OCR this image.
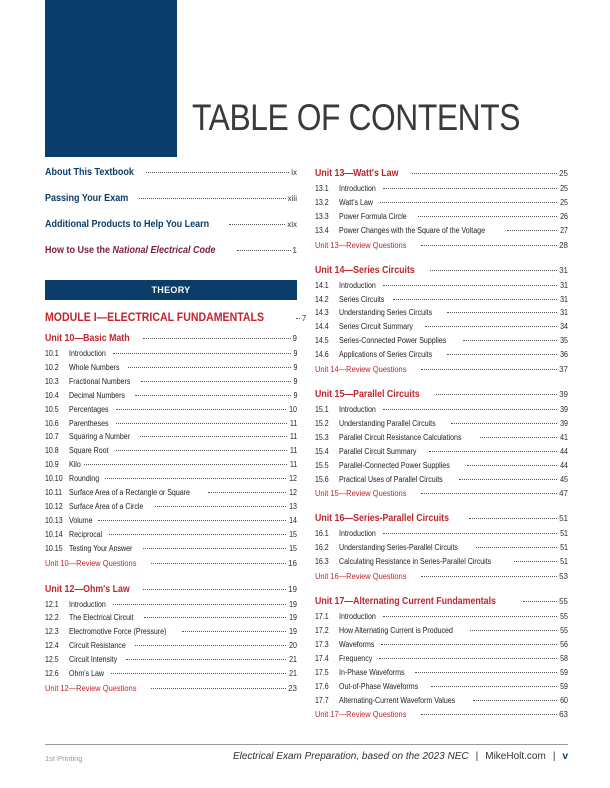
TABLE OF CONTENTS
About This Textbook	ix
Passing Your Exam	xiii
Additional Products to Help You Learn	xix
How to Use the National Electrical Code	1
THEORY
MODULE I—ELECTRICAL FUNDAMENTALS	7
Unit 10—Basic Math	9
10.1	Introduction	9
10.2	Whole Numbers	9
10.3	Fractional Numbers	9
10.4	Decimal Numbers	9
10.5	Percentages	10
10.6	Parentheses	11
10.7	Squaring a Number	11
10.8	Square Root	11
10.9	Kilo	11
10.10 Rounding	12
10.11 Surface Area of a Rectangle or Square	12
10.12 Surface Area of a Circle	13
10.13 Volume	14
10.14 Reciprocal	15
10.15 Testing Your Answer	15
Unit 10—Review Questions	16
Unit 12—Ohm's Law	19
12.1	Introduction	19
12.2	The Electrical Circuit	19
12.3	Electromotive Force (Pressure)	19
12.4	Circuit Resistance	20
12.5	Circuit Intensity	21
12.6	Ohm's Law	21
Unit 12—Review Questions	23
Unit 13—Watt's Law	25
13.1	Introduction	25
13.2	Watt's Law	25
13.3	Power Formula Circle	26
13.4	Power Changes with the Square of the Voltage	27
Unit 13—Review Questions	28
Unit 14—Series Circuits	31
14.1	Introduction	31
14.2	Series Circuits	31
14.3	Understanding Series Circuits	31
14.4	Series Circuit Summary	34
14.5	Series-Connected Power Supplies	35
14.6	Applications of Series Circuits	36
Unit 14—Review Questions	37
Unit 15—Parallel Circuits	39
15.1	Introduction	39
15.2	Understanding Parallel Circuits	39
15.3	Parallel Circuit Resistance Calculations	41
15.4	Parallel Circuit Summary	44
15.5	Parallel-Connected Power Supplies	44
15.6	Practical Uses of Parallel Circuits	45
Unit 15—Review Questions	47
Unit 16—Series-Parallel Circuits	51
16.1	Introduction	51
16.2	Understanding Series-Parallel Circuits	51
16.3	Calculating Resistance in Series-Parallel Circuits	51
Unit 16—Review Questions	53
Unit 17—Alternating Current Fundamentals	55
17.1	Introduction	55
17.2	How Alternating Current is Produced	55
17.3	Waveforms	56
17.4	Frequency	58
17.5	In-Phase Waveforms	59
17.6	Out-of-Phase Waveforms	59
17.7	Alternating-Current Waveform Values	60
Unit 17—Review Questions	63
1st Printing	Electrical Exam Preparation, based on the 2023 NEC | MikeHolt.com | v
